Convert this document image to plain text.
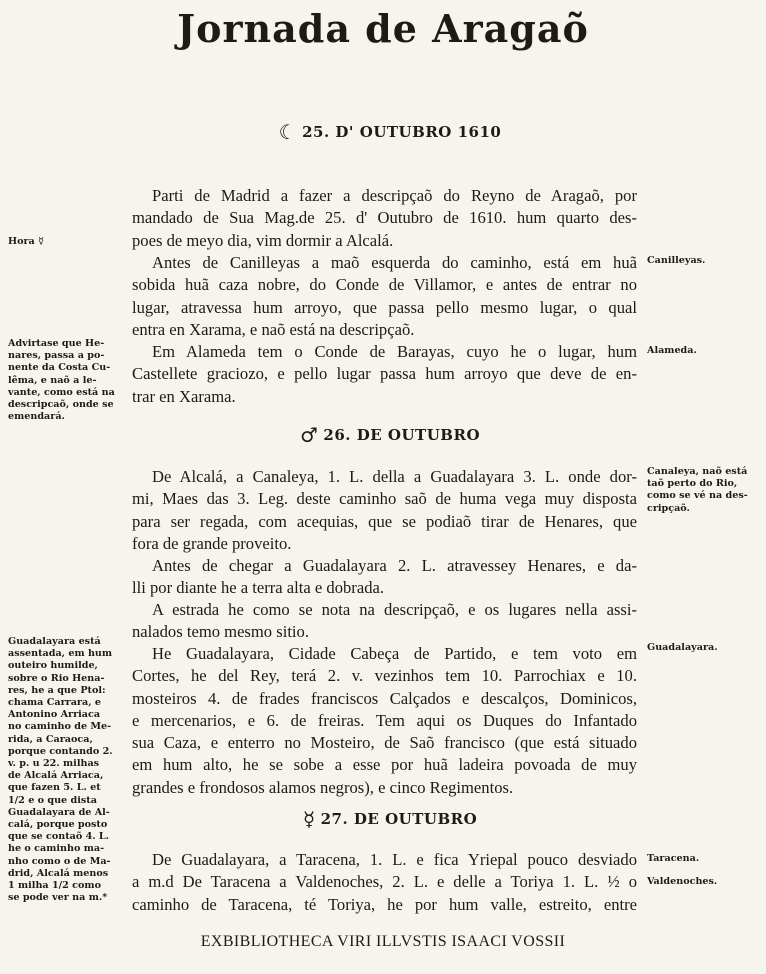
Jornada de Aragaõ
☾ 25. D' OUTUBRO 1610
Parti de Madrid a fazer a descripçaõ do Reyno de Aragaõ, por
mandado de Sua Mag.de 25. d' Outubro de 1610. hum quarto des-
poes de meyo dia, vim dormir a Alcalá.
Antes de Canilleyas a maõ esquerda do caminho, está em huã
sobida huã caza nobre, do Conde de Villamor, e antes de entrar no
lugar, atravessa hum arroyo, que passa pello mesmo lugar, o qual
entra en Xarama, e naõ está na descripçaõ.
Em Alameda tem o Conde de Barayas, cuyo he o lugar, hum
Castellete graciozo, e pello lugar passa hum arroyo que deve de en-
trar en Xarama.
♂ 26. DE OUTUBRO
De Alcalá, a Canaleya, 1. L. della a Guadalayara 3. L. onde dor-
mi, Maes das 3. Leg. deste caminho saõ de huma vega muy disposta
para ser regada, com acequias, que se podiaõ tirar de Henares, que
fora de grande proveito.
Antes de chegar a Guadalayara 2. L. atravessey Henares, e da-
lli por diante he a terra alta e dobrada.
A estrada he como se nota na descripçaõ, e os lugares nella assi-
nalados temo mesmo sitio.
He Guadalayara, Cidade Cabeça de Partido, e tem voto em
Cortes, he del Rey, terá 2. v. vezinhos tem 10. Parrochiax e 10.
mosteiros 4. de frades franciscos Calçados e descalços, Dominicos,
e mercenarios, e 6. de freiras. Tem aqui os Duques do Infantado
sua Caza, e enterro no Mosteiro, de Saõ francisco (que está situado
em hum alto, he se sobe a esse por huã ladeira povoada de muy
grandes e frondosos alamos negros), e cinco Regimentos.
☿ 27. DE OUTUBRO
De Guadalayara, a Taracena, 1. L. e fica Yriepal pouco desviado
a m.d De Taracena a Valdenoches, 2. L. e delle a Toriya 1. L. ½ o
caminho de Taracena, té Toriya, he por hum valle, estreito, entre
Hora ☿
Canilleyas.
Alameda.
Advirtase que He-
nares, passa a po-
nente da Costa Cu-
lêma, e naõ a le-
vante, como está na
descripcaõ, onde se
emendará.
Canaleya, naõ está
taõ perto do Rio,
como se vé na des-
cripçaõ.
Guadalayara.
Guadalayara está
assentada, em hum
outeiro humilde,
sobre o Rio Hena-
res, he a que Ptol:
chama Carrara, e
Antonino Arriaca
no caminho de Me-
rida, a Caraoca,
porque contando 2.
v. p. u 22. milhas
de Alcalá Arriaca,
que fazen 5. L. et
1/2 e o que dista
Guadalayara de Al-
calá, porque posto
que se contaõ 4. L.
he o caminho ma-
nho como o de Ma-
drid, Alcalá menos
1 milha 1/2 como
se pode ver na m.*
Taracena.
Valdenoches.
EXBIBLIOTHECA VIRI ILLVSTIS ISAACI VOSSII
